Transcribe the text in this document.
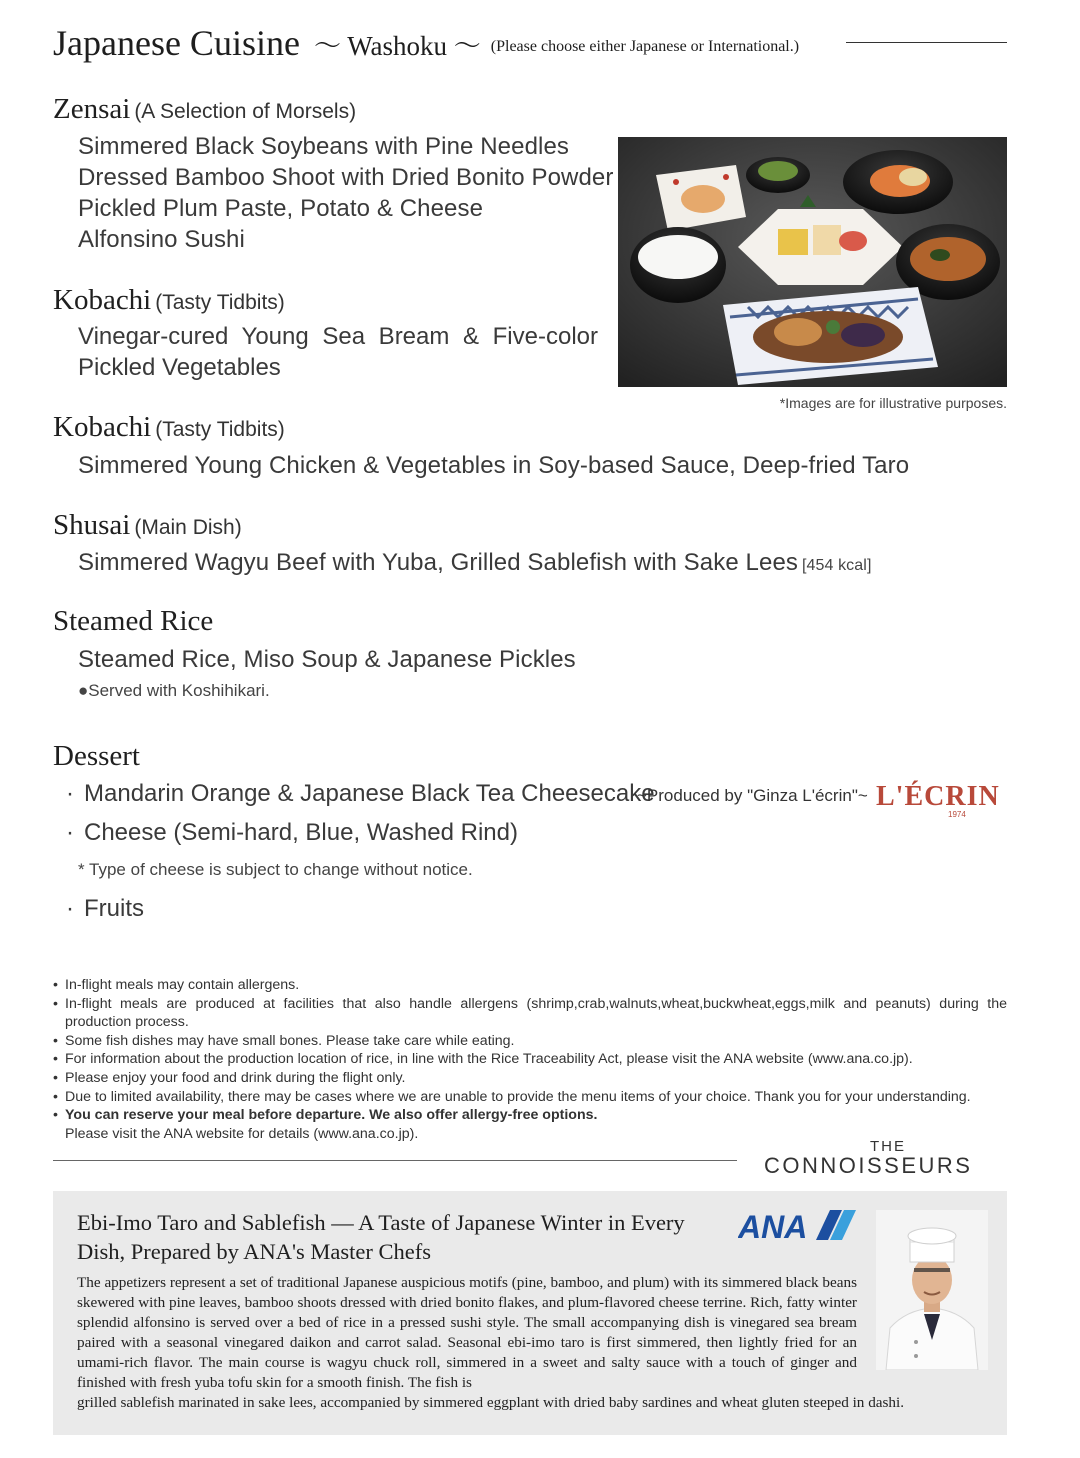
Japanese Cuisine ～ Washoku ～ (Please choose either Japanese or International.)
Zensai (A Selection of Morsels)
Simmered Black Soybeans with Pine Needles
Dressed Bamboo Shoot with Dried Bonito Powder
Pickled Plum Paste, Potato & Cheese
Alfonsino Sushi
Kobachi (Tasty Tidbits)
Vinegar-cured Young Sea Bream & Five-color Pickled Vegetables
*Images are for illustrative purposes.
Kobachi (Tasty Tidbits)
Simmered Young Chicken & Vegetables in Soy-based Sauce, Deep-fried Taro
Shusai (Main Dish)
Simmered Wagyu Beef with Yuba, Grilled Sablefish with Sake Lees [454 kcal]
Steamed Rice
Steamed Rice, Miso Soup & Japanese Pickles
●Served with Koshihikari.
Dessert
· Mandarin Orange & Japanese Black Tea Cheesecake
~Produced by "Ginza L'écrin"~ L'ÉCRIN
1974
· Cheese (Semi-hard, Blue, Washed Rind)
* Type of cheese is subject to change without notice.
· Fruits
• In-flight meals may contain allergens.
• In-flight meals are produced at facilities that also handle allergens (shrimp,crab,walnuts,wheat,buckwheat,eggs,milk and peanuts) during the production process.
• Some fish dishes may have small bones. Please take care while eating.
• For information about the production location of rice, in line with the Rice Traceability Act, please visit the ANA website (www.ana.co.jp).
• Please enjoy your food and drink during the flight only.
• Due to limited availability, there may be cases where we are unable to provide the menu items of your choice. Thank you for your understanding.
• You can reserve your meal before departure. We also offer allergy-free options.
Please visit the ANA website for details (www.ana.co.jp).
THE
CONNOISSEURS
Ebi-Imo Taro and Sablefish — A Taste of Japanese Winter in Every Dish, Prepared by ANA's Master Chefs
ANA
The appetizers represent a set of traditional Japanese auspicious motifs (pine, bamboo, and plum) with its simmered black beans skewered with pine leaves, bamboo shoots dressed with dried bonito flakes, and plum-flavored cheese terrine. Rich, fatty winter splendid alfonsino is served over a bed of rice in a pressed sushi style. The small accompanying dish is vinegared sea bream paired with a seasonal vinegared daikon and carrot salad. Seasonal ebi-imo taro is first simmered, then lightly fried for an umami-rich flavor. The main course is wagyu chuck roll, simmered in a sweet and salty sauce with a touch of ginger and finished with fresh yuba tofu skin for a smooth finish. The fish is
grilled sablefish marinated in sake lees, accompanied by simmered eggplant with dried baby sardines and wheat gluten steeped in dashi.
